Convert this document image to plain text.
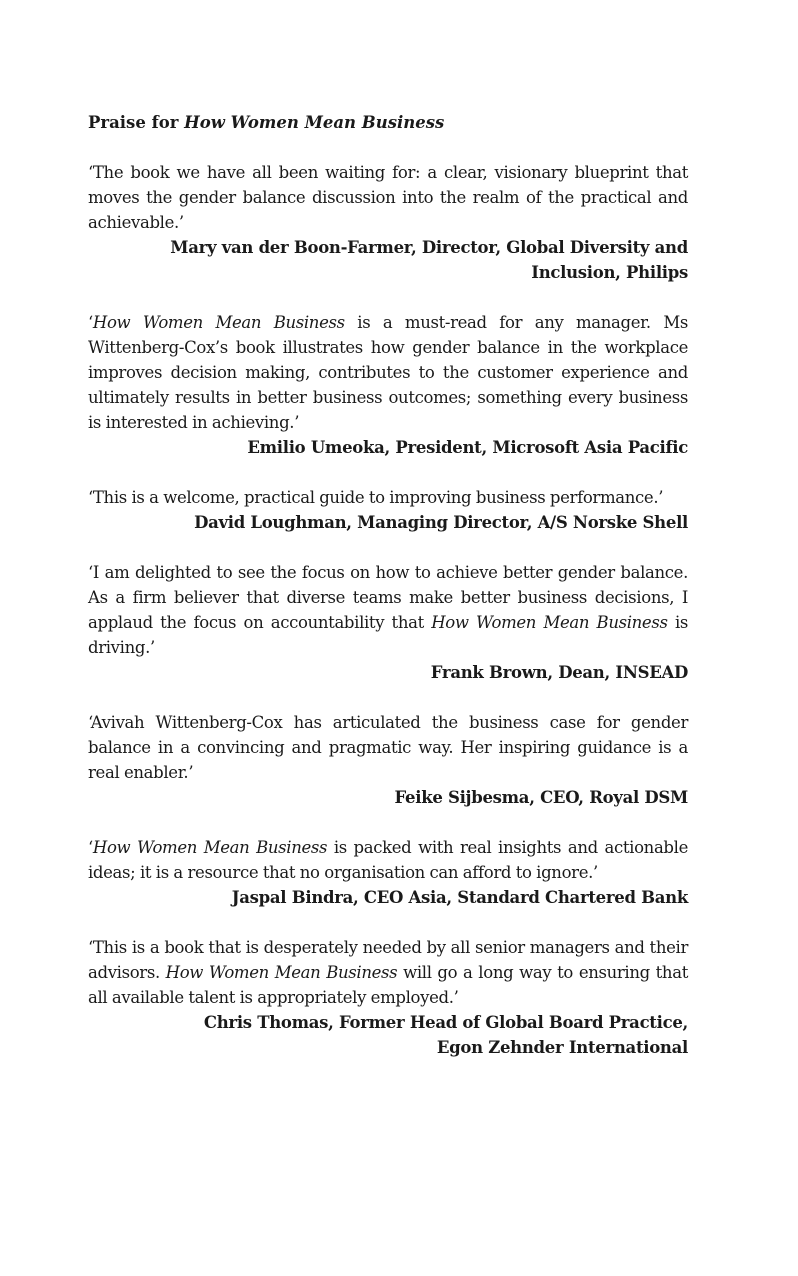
Praise for How Women Mean Business

‘The book we have all been waiting for: a clear, visionary blueprint that moves the gender balance discussion into the realm of the practical and achievable.’

Mary van der Boon-Farmer, Director, Global Diversity and
Inclusion, Philips

‘How Women Mean Business is a must-read for any manager. Ms Wittenberg-Cox’s book illustrates how gender balance in the workplace improves decision making, contributes to the customer experience and ultimately results in better business outcomes; something every business is interested in achieving.’

Emilio Umeoka, President, Microsoft Asia Pacific

‘This is a welcome, practical guide to improving business performance.’

David Loughman, Managing Director, A/S Norske Shell

‘I am delighted to see the focus on how to achieve better gender balance. As a firm believer that diverse teams make better business decisions, I applaud the focus on accountability that How Women Mean Business is driving.’

Frank Brown, Dean, INSEAD

‘Avivah Wittenberg-Cox has articulated the business case for gender balance in a convincing and pragmatic way. Her inspiring guidance is a real enabler.’

Feike Sijbesma, CEO, Royal DSM

‘How Women Mean Business is packed with real insights and actionable ideas; it is a resource that no organisation can afford to ignore.’

Jaspal Bindra, CEO Asia, Standard Chartered Bank

‘This is a book that is desperately needed by all senior managers and their advisors. How Women Mean Business will go a long way to ensuring that all available talent is appropriately employed.’

Chris Thomas, Former Head of Global Board Practice,
Egon Zehnder International
